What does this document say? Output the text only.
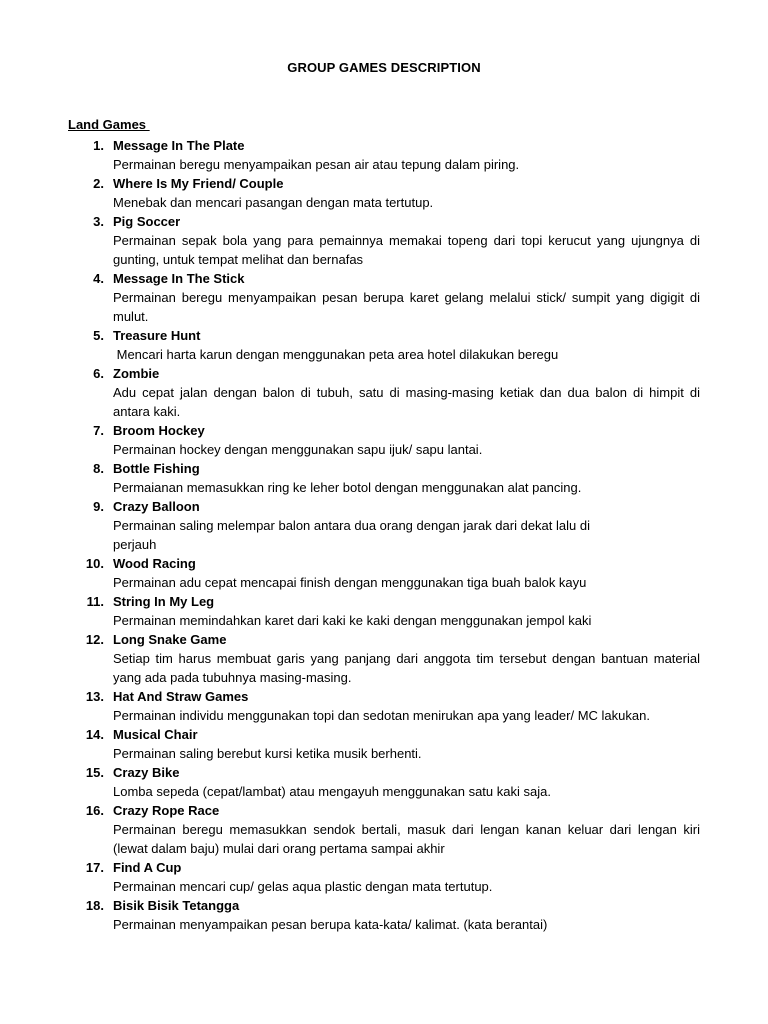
GROUP GAMES DESCRIPTION
Land Games
1. Message In The Plate
Permainan beregu menyampaikan pesan air atau tepung dalam piring.
2. Where Is My Friend/ Couple
Menebak dan mencari pasangan dengan mata tertutup.
3. Pig Soccer
Permainan sepak bola yang para pemainnya memakai topeng dari topi kerucut yang ujungnya di gunting, untuk tempat melihat dan bernafas
4. Message In The Stick
Permainan beregu menyampaikan pesan berupa karet gelang melalui stick/ sumpit yang digigit di mulut.
5. Treasure Hunt
Mencari harta karun dengan menggunakan peta area hotel dilakukan beregu
6. Zombie
Adu cepat jalan dengan balon di tubuh, satu di masing-masing ketiak dan dua balon di himpit di antara kaki.
7. Broom Hockey
Permainan hockey dengan menggunakan sapu ijuk/ sapu lantai.
8. Bottle Fishing
Permaianan memasukkan ring ke leher botol dengan menggunakan alat pancing.
9. Crazy Balloon
Permainan saling melempar balon antara dua orang dengan jarak dari dekat lalu di
perjauh
10. Wood Racing
Permainan adu cepat mencapai finish dengan menggunakan tiga buah balok kayu
11. String In My Leg
Permainan memindahkan karet dari kaki ke kaki dengan menggunakan jempol kaki
12. Long Snake Game
Setiap tim harus membuat garis yang panjang dari anggota tim tersebut dengan bantuan material yang ada pada tubuhnya masing-masing.
13. Hat And Straw Games
Permainan individu menggunakan topi dan sedotan menirukan apa yang leader/ MC lakukan.
14. Musical Chair
Permainan saling berebut kursi ketika musik berhenti.
15. Crazy Bike
Lomba sepeda (cepat/lambat) atau mengayuh menggunakan satu kaki saja.
16. Crazy Rope Race
Permainan beregu memasukkan sendok bertali, masuk dari lengan kanan keluar dari lengan kiri (lewat dalam baju) mulai dari orang pertama sampai akhir
17. Find A Cup
Permainan mencari cup/ gelas aqua plastic dengan mata tertutup.
18. Bisik Bisik Tetangga
Permainan menyampaikan pesan berupa kata-kata/ kalimat. (kata berantai)
